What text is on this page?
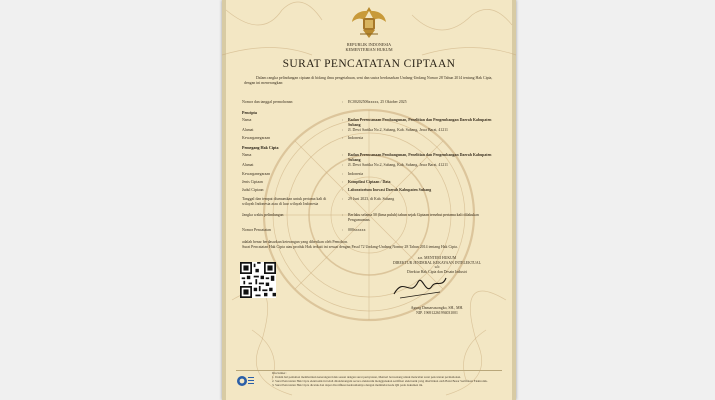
REPUBLIK INDONESIA
KEMENTERIAN HUKUM
SURAT PENCATATAN CIPTAAN
Dalam rangka pelindungan ciptaan di bidang ilmu pengetahuan, seni dan sastra berdasarkan Undang-Undang Nomor 28 Tahun 2014 tentang Hak Cipta, dengan ini menerangkan:
Nomor dan tanggal permohonan	: EC00202506xxxxx, 25 Oktober 2025
Pencipta
Nama	: Badan Perencanaan Pembangunan, Penelitian dan Pengembangan Daerah Kabupaten Subang
Alamat	: Jl. Dewi Sartika No.2, Subang, Kab. Subang, Jawa Barat, 41211
Kewarganegaraan	: Indonesia
Pemegang Hak Cipta
Nama	: Badan Perencanaan Pembangunan, Penelitian dan Pengembangan Daerah Kabupaten Subang
Alamat	: Jl. Dewi Sartika No.2, Subang, Kab. Subang, Jawa Barat, 41211
Kewarganegaraan	: Indonesia
Jenis Ciptaan	: Kompilasi Ciptaan / Data
Judul Ciptaan	: Laboratorium Inovasi Daerah Kabupaten Subang
Tanggal dan tempat diumumkan untuk pertama kali di wilayah Indonesia atau di luar wilayah Indonesia
: 29 Juni 2023, di Kab. Subang
Jangka waktu pelindungan	: Berlaku selama 50 (lima puluh) tahun sejak Ciptaan tersebut pertama kali dilakukan Pengumuman.
Nomor Pencatatan	: 000xxxxxx
adalah benar berdasarkan keterangan yang diberikan oleh Pemohon.
Surat Pencatatan Hak Cipta atau produk Hak terkait ini sesuai dengan Pasal 72 Undang-Undang Nomor 28 Tahun 2014 tentang Hak Cipta.
a.n. MENTERI HUKUM
DIREKTUR JENDERAL KEKAYAAN INTELEKTUAL
u.b
Direktur Hak Cipta dan Desain Industri
Agung Damarsasongko, SH., MH.
NIP. 196912261994031001
Disclaimer:
1. Dalam hal pemohon memberikan keterangan tidak sesuai dengan surat pernyataan, Menteri berwenang untuk mencabut surat pencatatan permohonan.
2. Surat Pencatatan Hak Cipta elektronik ini telah ditandatangani secara elektronik menggunakan sertifikat elektronik yang diterbitkan oleh Balai Besar Sertifikasi Elektronik.
3. Surat Pencatatan Hak Cipta dicetak dan dapat diverifikasi keabsahannya dengan memindai kode QR pada dokumen ini.
